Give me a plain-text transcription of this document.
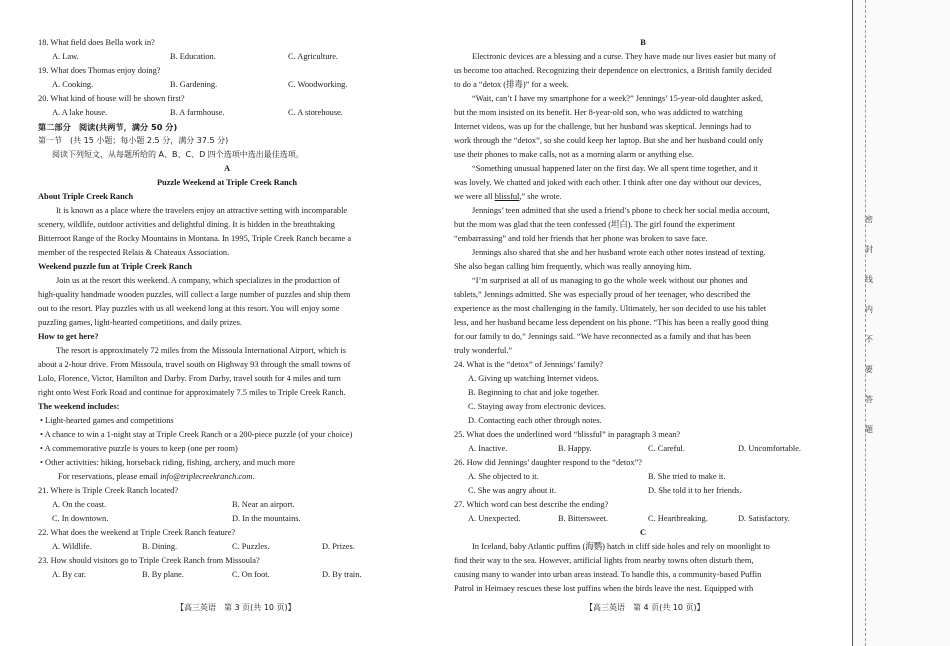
18. What field does Bella work in?
A. Law.	B. Education.	C. Agriculture.
19. What does Thomas enjoy doing?
A. Cooking.	B. Gardening.	C. Woodworking.
20. What kind of house will be shown first?
A. A lake house.	B. A farmhouse.	C. A storehouse.
第二部分　阅读(共两节，满分 50 分)
第一节　(共 15 小题；每小题 2.5 分，满分 37.5 分)
阅读下列短文，从每题所给的 A、B、C、D 四个选项中选出最佳选项。
A
Puzzle Weekend at Triple Creek Ranch
About Triple Creek Ranch
It is known as a place where the travelers enjoy an attractive setting with incomparable
scenery, wildlife, outdoor activities and delightful dining. It is hidden in the breathtaking
Bitterroot Range of the Rocky Mountains in Montana. In 1995, Triple Creek Ranch became a
member of the respected Relais & Chateaux Association.
Weekend puzzle fun at Triple Creek Ranch
Join us at the resort this weekend. A company, which specializes in the production of
high-quality handmade wooden puzzles, will collect a large number of puzzles and ship them
out to the resort. Play puzzles with us all weekend long at this resort. You will enjoy some
puzzling games, light-hearted competitions, and daily prizes.
How to get here?
The resort is approximately 72 miles from the Missoula International Airport, which is
about a 2-hour drive. From Missoula, travel south on Highway 93 through the small towns of
Lolo, Florence, Victor, Hamilton and Darby. From Darby, travel south for 4 miles and turn
right onto West Fork Road and continue for approximately 7.5 miles to Triple Creek Ranch.
The weekend includes:
• Light-hearted games and competitions
• A chance to win a 1-night stay at Triple Creek Ranch or a 200-piece puzzle (of your choice)
• A commemorative puzzle is yours to keep (one per room)
• Other activities: hiking, horseback riding, fishing, archery, and much more
For reservations, please email info@triplecreekranch.com.
21. Where is Triple Creek Ranch located?
A. On the coast.	B. Near an airport.
C. In downtown.	D. In the mountains.
22. What does the weekend at Triple Creek Ranch feature?
A. Wildlife.	B. Dining.	C. Puzzles.	D. Prizes.
23. How should visitors go to Triple Creek Ranch from Missoula?
A. By car.	B. By plane.	C. On foot.	D. By train.
B
Electronic devices are a blessing and a curse. They have made our lives easier but many of
us become too attached. Recognizing their dependence on electronics, a British family decided
to do a “detox (排毒)” for a week.
“Wait, can’t I have my smartphone for a week?” Jennings’ 15-year-old daughter asked,
but the mom insisted on its benefit. Her 8-year-old son, who was addicted to watching
Internet videos, was up for the challenge, but her husband was skeptical. Jennings had to
work through the “detox”, so she could keep her laptop. But she and her husband could only
use their phones to make calls, not as a morning alarm or anything else.
“Something unusual happened later on the first day. We all spent time together, and it
was lovely. We chatted and joked with each other. I think after one day without our devices,
we were all blissful,” she wrote.
Jennings’ teen admitted that she used a friend’s phone to check her social media account,
but the mom was glad that the teen confessed (坦白). The girl found the experiment
“embarrassing” and told her friends that her phone was broken to save face.
Jennings also shared that she and her husband wrote each other notes instead of texting.
She also began calling him frequently, which was really annoying him.
“I’m surprised at all of us managing to go the whole week without our phones and
tablets,” Jennings admitted. She was especially proud of her teenager, who described the
experience as the most challenging in the family. Ultimately, her son decided to use his tablet
less, and her husband became less dependent on his phone. “This has been a really good thing
for our family to do,” Jennings said. “We have reconnected as a family and that has been
truly wonderful.”
24. What is the “detox” of Jennings’ family?
A. Giving up watching Internet videos.
B. Beginning to chat and joke together.
C. Staying away from electronic devices.
D. Contacting each other through notes.
25. What does the underlined word “blissful” in paragraph 3 mean?
A. Inactive.	B. Happy.	C. Careful.	D. Uncomfortable.
26. How did Jennings’ daughter respond to the “detox”?
A. She objected to it.	B. She tried to make it.
C. She was angry about it.	D. She told it to her friends.
27. Which word can best describe the ending?
A. Unexpected.	B. Bittersweet.	C. Heartbreaking.	D. Satisfactory.
C
In Iceland, baby Atlantic puffins (海鹦) hatch in cliff side holes and rely on moonlight to
find their way to the sea. However, artificial lights from nearby towns often disturb them,
causing many to wander into urban areas instead. To handle this, a community-based Puffin
Patrol in Heimaey rescues these lost puffins when the birds leave the nest. Equipped with
【高三英语　第 3 页(共 10 页)】	【高三英语　第 4 页(共 10 页)】
密
封
线
内
不
要
答
题
